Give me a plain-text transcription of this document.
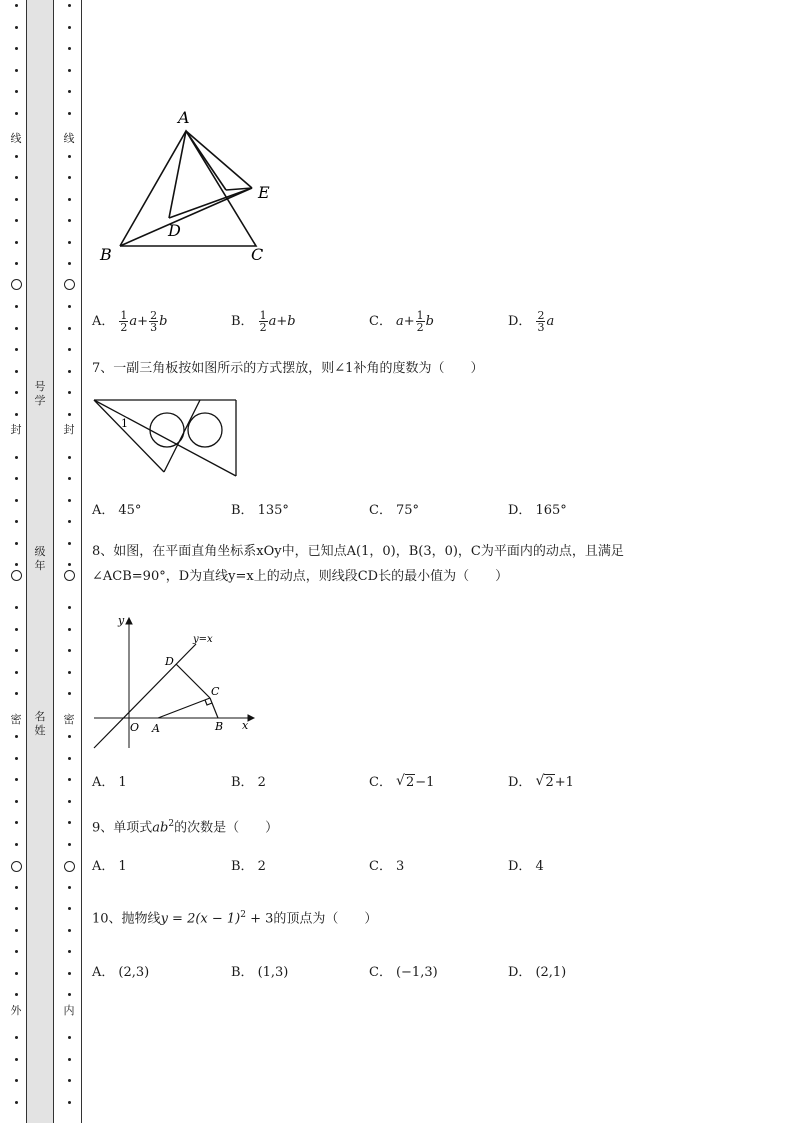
线
封
密
外
号
学
级
年
名
姓
线
封
密
内
A
B	C
D
E
A． $\frac{1}{2} a+ \frac{2}{3}$ b	B． $\frac{1}{2} a+b$	C． $a+ \frac{1}{2}$ b	D． $\frac{2}{3}$ a
7、一副三角板按如图所示的方式摆放，则∠1补角的度数为（　　）
A． 45°	B． 135°	C． 75°	D． 165°
8、如图，在平面直角坐标系xOy中，已知点A(1，0)，B(3，0)，C为平面内的动点，且满足
∠ACB=90°，D为直线y=x上的动点，则线段CD长的最小值为（　　）
A． 1	B． 2	C． √ 2−1	D． √ 2+1
9、单项式$ab^2$的次数是（　　）
A． 1	B． 2	C． 3	D． 4
10、抛物线$y = 2(x - 1)^2 + 3$的顶点为（　　）
A． (2,3)	B． (1,3)	C． (−1,3)	D． (2,1)
1
y
x
y=x
O A	B
C
D
